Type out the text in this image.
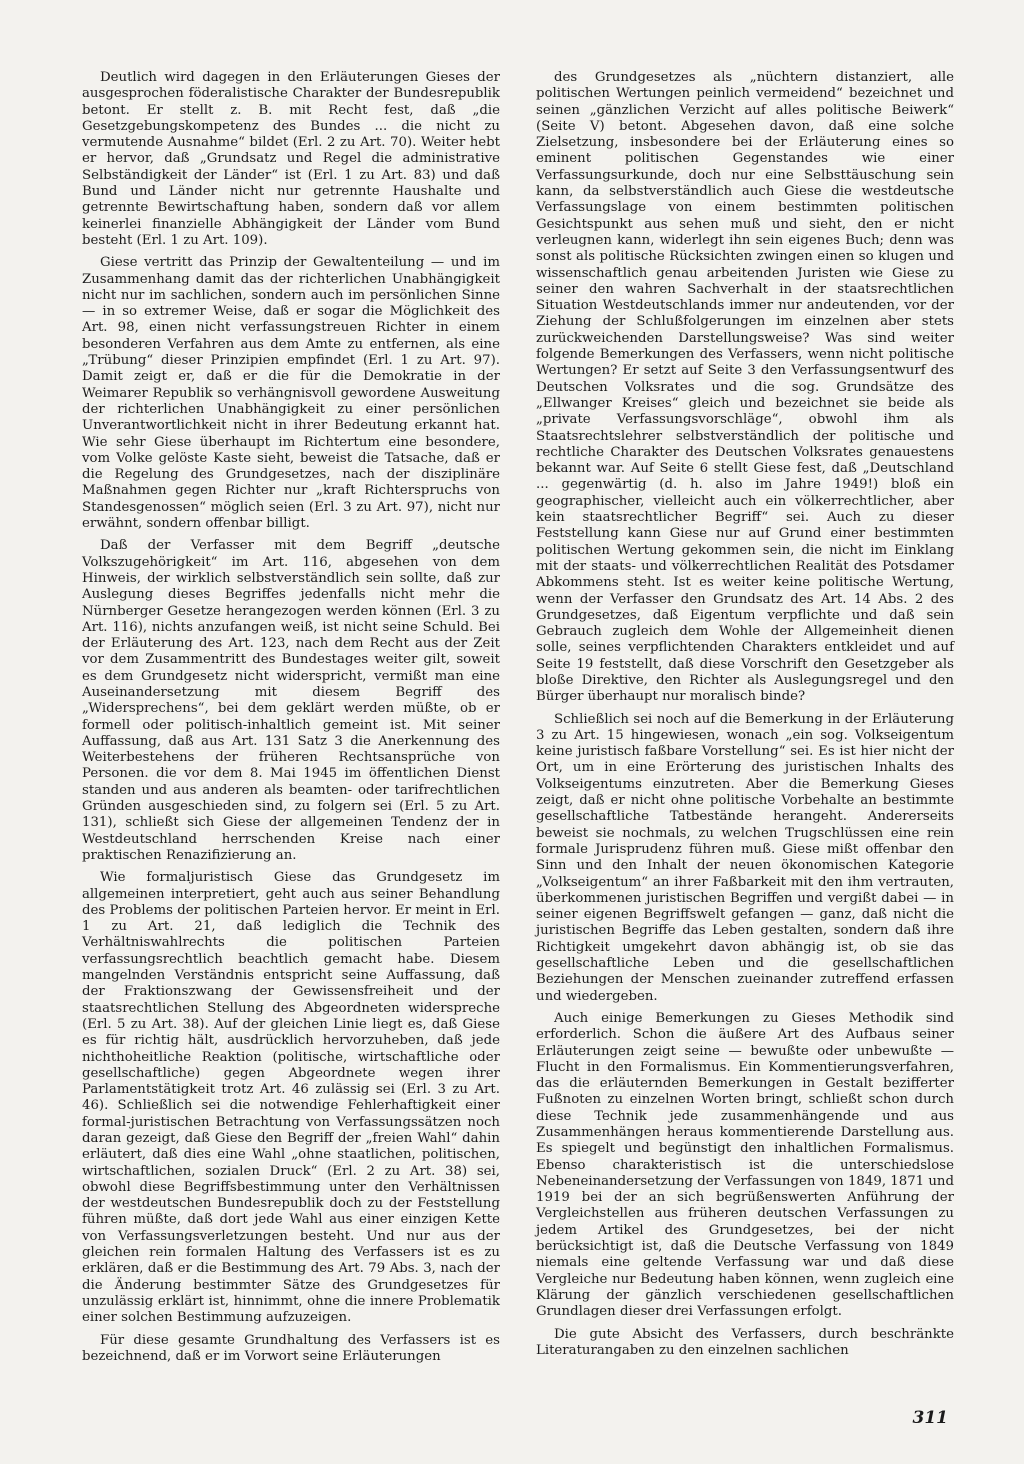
Deutlich wird dagegen in den Erläuterungen Gieses der ausgesprochen föderalistische Charakter der Bundesrepublik betont. Er stellt z. B. mit Recht fest, daß „die Gesetzgebungskompetenz des Bundes ... die nicht zu vermutende Ausnahme“ bildet (Erl. 2 zu Art. 70). Weiter hebt er hervor, daß „Grundsatz und Regel die administrative Selbständigkeit der Länder“ ist (Erl. 1 zu Art. 83) und daß Bund und Länder nicht nur getrennte Haushalte und getrennte Bewirtschaftung haben, sondern daß vor allem keinerlei finanzielle Abhängigkeit der Länder vom Bund besteht (Erl. 1 zu Art. 109).

Giese vertritt das Prinzip der Gewaltenteilung — und im Zusammenhang damit das der richterlichen Unabhängigkeit nicht nur im sachlichen, sondern auch im persönlichen Sinne — in so extremer Weise, daß er sogar die Möglichkeit des Art. 98, einen nicht verfassungstreuen Richter in einem besonderen Verfahren aus dem Amte zu entfernen, als eine „Trübung“ dieser Prinzipien empfindet (Erl. 1 zu Art. 97). Damit zeigt er, daß er die für die Demokratie in der Weimarer Republik so verhängnisvoll gewordene Ausweitung der richterlichen Unabhängigkeit zu einer persönlichen Unverantwortlichkeit nicht in ihrer Bedeutung erkannt hat. Wie sehr Giese überhaupt im Richtertum eine besondere, vom Volke gelöste Kaste sieht, beweist die Tatsache, daß er die Regelung des Grundgesetzes, nach der disziplinäre Maßnahmen gegen Richter nur „kraft Richterspruchs von Standesgenossen“ möglich seien (Erl. 3 zu Art. 97), nicht nur erwähnt, sondern offenbar billigt.

Daß der Verfasser mit dem Begriff „deutsche Volkszugehörigkeit“ im Art. 116, abgesehen von dem Hinweis, der wirklich selbstverständlich sein sollte, daß zur Auslegung dieses Begriffes jedenfalls nicht mehr die Nürnberger Gesetze herangezogen werden können (Erl. 3 zu Art. 116), nichts anzufangen weiß, ist nicht seine Schuld. Bei der Erläuterung des Art. 123, nach dem Recht aus der Zeit vor dem Zusammentritt des Bundestages weiter gilt, soweit es dem Grundgesetz nicht widerspricht, vermißt man eine Auseinandersetzung mit diesem Begriff des „Widersprechens“, bei dem geklärt werden müßte, ob er formell oder politisch-inhaltlich gemeint ist. Mit seiner Auffassung, daß aus Art. 131 Satz 3 die Anerkennung des Weiterbestehens der früheren Rechtsansprüche von Personen. die vor dem 8. Mai 1945 im öffentlichen Dienst standen und aus anderen als beamten- oder tarifrechtlichen Gründen ausgeschieden sind, zu folgern sei (Erl. 5 zu Art. 131), schließt sich Giese der allgemeinen Tendenz der in Westdeutschland herrschenden Kreise nach einer praktischen Renazifizierung an.

Wie formaljuristisch Giese das Grundgesetz im allgemeinen interpretiert, geht auch aus seiner Behandlung des Problems der politischen Parteien hervor. Er meint in Erl. 1 zu Art. 21, daß lediglich die Technik des Verhältniswahlrechts die politischen Parteien verfassungsrechtlich beachtlich gemacht habe. Diesem mangelnden Verständnis entspricht seine Auffassung, daß der Fraktionszwang der Gewissensfreiheit und der staatsrechtlichen Stellung des Abgeordneten widerspreche (Erl. 5 zu Art. 38). Auf der gleichen Linie liegt es, daß Giese es für richtig hält, ausdrücklich hervorzuheben, daß jede nichthoheitliche Reaktion (politische, wirtschaftliche oder gesellschaftliche) gegen Abgeordnete wegen ihrer Parlamentstätigkeit trotz Art. 46 zulässig sei (Erl. 3 zu Art. 46). Schließlich sei die notwendige Fehlerhaftigkeit einer formal-juristischen Betrachtung von Verfassungssätzen noch daran gezeigt, daß Giese den Begriff der „freien Wahl“ dahin erläutert, daß dies eine Wahl „ohne staatlichen, politischen, wirtschaftlichen, sozialen Druck“ (Erl. 2 zu Art. 38) sei, obwohl diese Begriffsbestimmung unter den Verhältnissen der westdeutschen Bundesrepublik doch zu der Feststellung führen müßte, daß dort jede Wahl aus einer einzigen Kette von Verfassungsverletzungen besteht. Und nur aus der gleichen rein formalen Haltung des Verfassers ist es zu erklären, daß er die Bestimmung des Art. 79 Abs. 3, nach der die Änderung bestimmter Sätze des Grundgesetzes für unzulässig erklärt ist, hinnimmt, ohne die innere Problematik einer solchen Bestimmung aufzuzeigen.

Für diese gesamte Grundhaltung des Verfassers ist es bezeichnend, daß er im Vorwort seine Erläuterungen

des Grundgesetzes als „nüchtern distanziert, alle politischen Wertungen peinlich vermeidend“ bezeichnet und seinen „gänzlichen Verzicht auf alles politische Beiwerk“ (Seite V) betont. Abgesehen davon, daß eine solche Zielsetzung, insbesondere bei der Erläuterung eines so eminent politischen Gegenstandes wie einer Verfassungsurkunde, doch nur eine Selbsttäuschung sein kann, da selbstverständlich auch Giese die westdeutsche Verfassungslage von einem bestimmten politischen Gesichtspunkt aus sehen muß und sieht, den er nicht verleugnen kann, widerlegt ihn sein eigenes Buch; denn was sonst als politische Rücksichten zwingen einen so klugen und wissenschaftlich genau arbeitenden Juristen wie Giese zu seiner den wahren Sachverhalt in der staatsrechtlichen Situation Westdeutschlands immer nur andeutenden, vor der Ziehung der Schlußfolgerungen im einzelnen aber stets zurückweichenden Darstellungsweise? Was sind weiter folgende Bemerkungen des Verfassers, wenn nicht politische Wertungen? Er setzt auf Seite 3 den Verfassungsentwurf des Deutschen Volksrates und die sog. Grundsätze des „Ellwanger Kreises“ gleich und bezeichnet sie beide als „private Verfassungsvorschläge“, obwohl ihm als Staatsrechtslehrer selbstverständlich der politische und rechtliche Charakter des Deutschen Volksrates genauestens bekannt war. Auf Seite 6 stellt Giese fest, daß „Deutschland ... gegenwärtig (d. h. also im Jahre 1949!) bloß ein geographischer, vielleicht auch ein völkerrechtlicher, aber kein staatsrechtlicher Begriff“ sei. Auch zu dieser Feststellung kann Giese nur auf Grund einer bestimmten politischen Wertung gekommen sein, die nicht im Einklang mit der staats- und völkerrechtlichen Realität des Potsdamer Abkommens steht. Ist es weiter keine politische Wertung, wenn der Verfasser den Grundsatz des Art. 14 Abs. 2 des Grundgesetzes, daß Eigentum verpflichte und daß sein Gebrauch zugleich dem Wohle der Allgemeinheit dienen solle, seines verpflichtenden Charakters entkleidet und auf Seite 19 feststellt, daß diese Vorschrift den Gesetzgeber als bloße Direktive, den Richter als Auslegungsregel und den Bürger überhaupt nur moralisch binde?

Schließlich sei noch auf die Bemerkung in der Erläuterung 3 zu Art. 15 hingewiesen, wonach „ein sog. Volkseigentum keine juristisch faßbare Vorstellung“ sei. Es ist hier nicht der Ort, um in eine Erörterung des juristischen Inhalts des Volkseigentums einzutreten. Aber die Bemerkung Gieses zeigt, daß er nicht ohne politische Vorbehalte an bestimmte gesellschaftliche Tatbestände herangeht. Andererseits beweist sie nochmals, zu welchen Trugschlüssen eine rein formale Jurisprudenz führen muß. Giese mißt offenbar den Sinn und den Inhalt der neuen ökonomischen Kategorie „Volkseigentum“ an ihrer Faßbarkeit mit den ihm vertrauten, überkommenen juristischen Begriffen und vergißt dabei — in seiner eigenen Begriffswelt gefangen — ganz, daß nicht die juristischen Begriffe das Leben gestalten, sondern daß ihre Richtigkeit umgekehrt davon abhängig ist, ob sie das gesellschaftliche Leben und die gesellschaftlichen Beziehungen der Menschen zueinander zutreffend erfassen und wiedergeben.

Auch einige Bemerkungen zu Gieses Methodik sind erforderlich. Schon die äußere Art des Aufbaus seiner Erläuterungen zeigt seine — bewußte oder unbewußte — Flucht in den Formalismus. Ein Kommentierungsverfahren, das die erläuternden Bemerkungen in Gestalt bezifferter Fußnoten zu einzelnen Worten bringt, schließt schon durch diese Technik jede zusammenhängende und aus Zusammenhängen heraus kommentierende Darstellung aus. Es spiegelt und begünstigt den inhaltlichen Formalismus. Ebenso charakteristisch ist die unterschiedslose Nebeneinandersetzung der Verfassungen von 1849, 1871 und 1919 bei der an sich begrüßenswerten Anführung der Vergleichstellen aus früheren deutschen Verfassungen zu jedem Artikel des Grundgesetzes, bei der nicht berücksichtigt ist, daß die Deutsche Verfassung von 1849 niemals eine geltende Verfassung war und daß diese Vergleiche nur Bedeutung haben können, wenn zugleich eine Klärung der gänzlich verschiedenen gesellschaftlichen Grundlagen dieser drei Verfassungen erfolgt.

Die gute Absicht des Verfassers, durch beschränkte Literaturangaben zu den einzelnen sachlichen

311
